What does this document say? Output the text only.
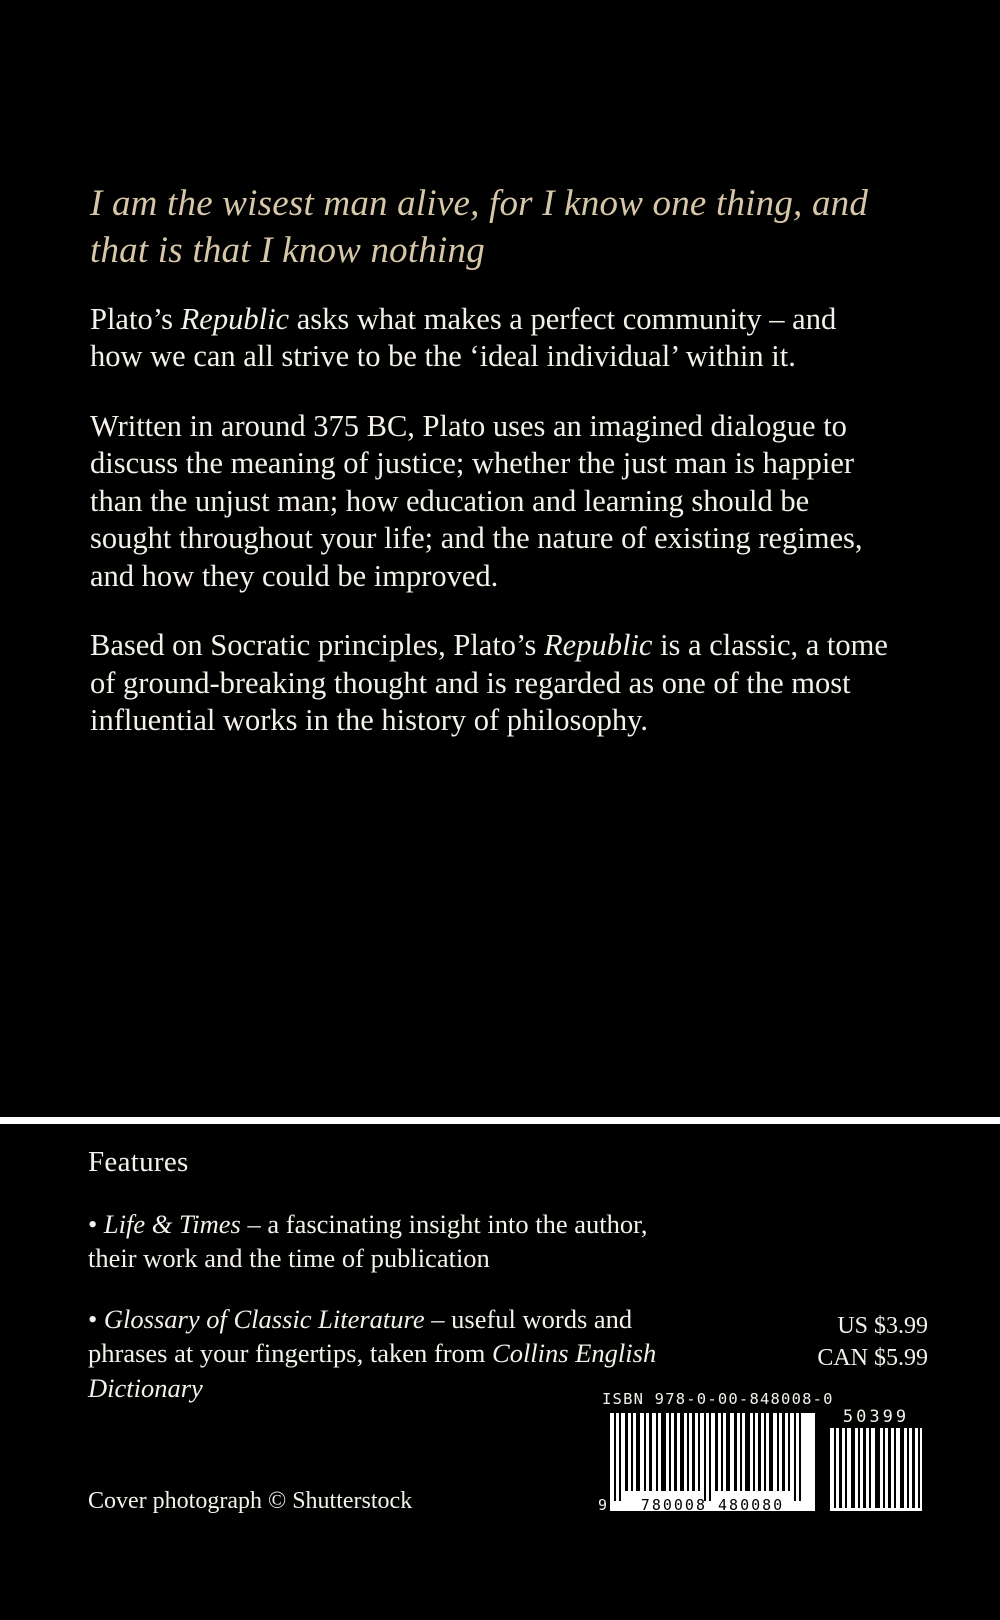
I am the wisest man alive, for I know one thing, and that is that I know nothing

Plato’s Republic asks what makes a perfect community – and how we can all strive to be the ‘ideal individual’ within it.

Written in around 375 BC, Plato uses an imagined dialogue to discuss the meaning of justice; whether the just man is happier than the unjust man; how education and learning should be sought throughout your life; and the nature of existing regimes, and how they could be improved.

Based on Socratic principles, Plato’s Republic is a classic, a tome of ground-breaking thought and is regarded as one of the most influential works in the history of philosophy.

Features

• Life & Times – a fascinating insight into the author, their work and the time of publication

• Glossary of Classic Literature – useful words and phrases at your fingertips, taken from Collins English Dictionary

Cover photograph © Shutterstock
US $3.99
CAN $5.99
ISBN 978-0-00-848008-0
9	780008 480080
50399
